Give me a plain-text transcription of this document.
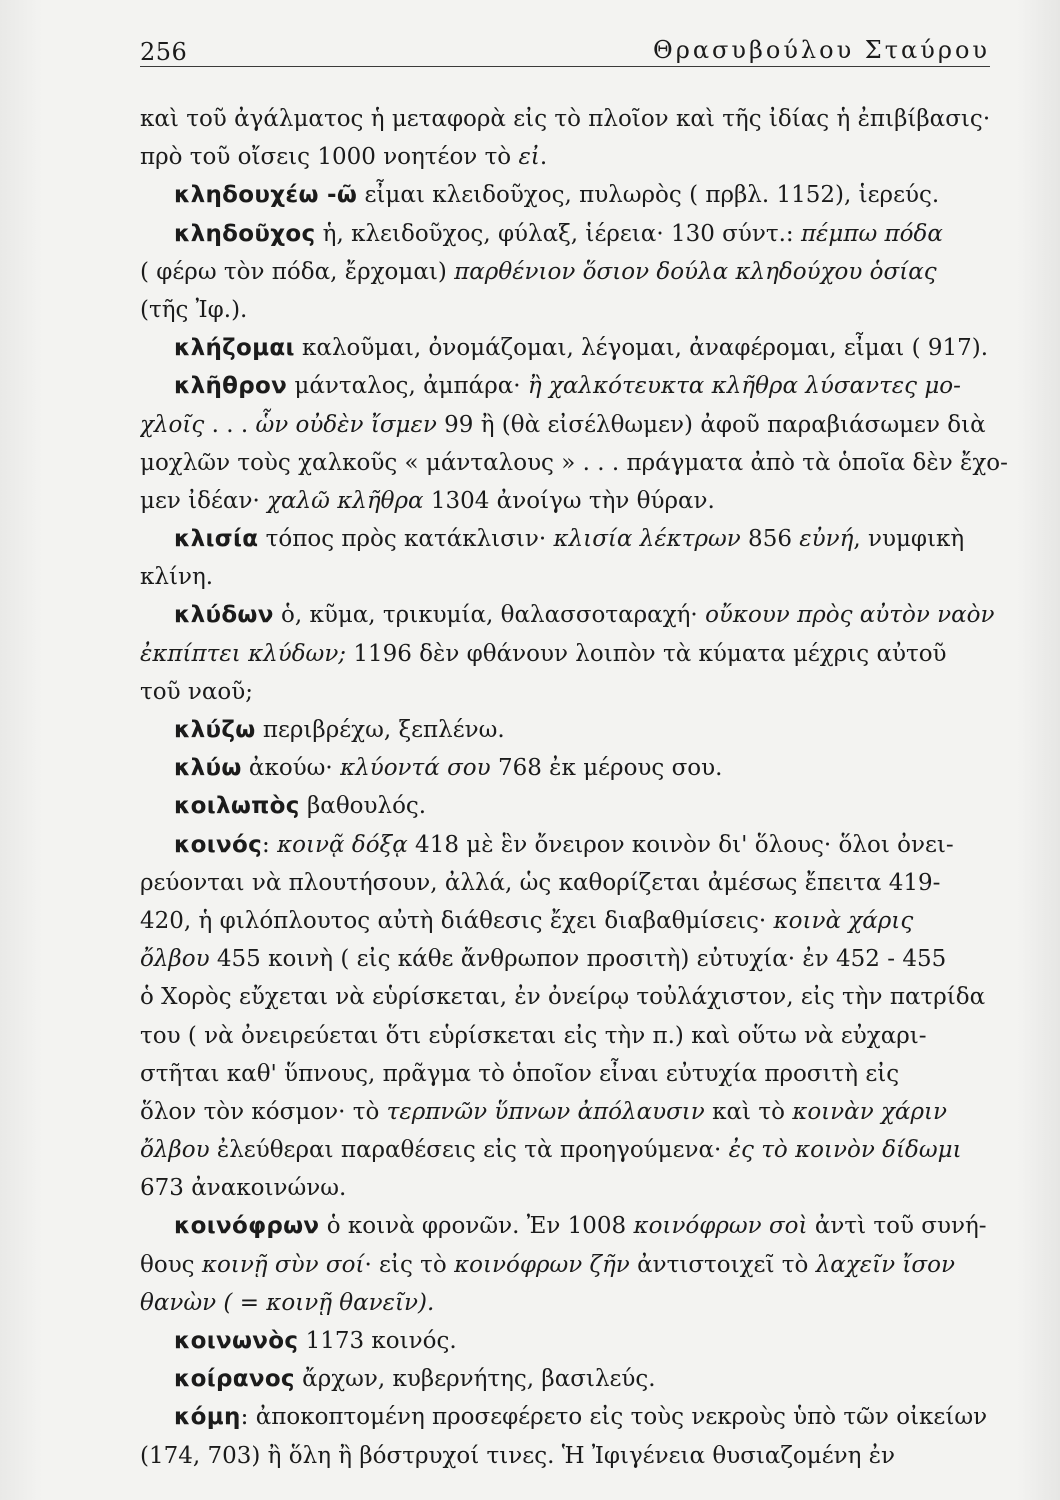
256	Θρασυβούλου Σταύρου
καὶ τοῦ ἀγάλματος ἡ μεταφορὰ εἰς τὸ πλοῖον καὶ τῆς ἰδίας ἡ ἐπιβίβασις·
πρὸ τοῦ οἴσεις 1000 νοητέον τὸ εἰ.
κληδουχέω -ῶ εἶμαι κλειδοῦχος, πυλωρὸς ( πρβλ. 1152), ἱερεύς.
κληδοῦχος ἡ, κλειδοῦχος, φύλαξ, ἱέρεια· 130 σύντ.: πέμπω πόδα
( φέρω τὸν πόδα, ἔρχομαι) παρθένιον ὅσιον δούλα κληδούχου ὁσίας
(τῆς Ἰφ.).
κλήζομαι καλοῦμαι, ὀνομάζομαι, λέγομαι, ἀναφέρομαι, εἶμαι ( 917).
κλῆθρον μάνταλος, ἀμπάρα· ἢ χαλκότευκτα κλῆθρα λύσαντες μο-
χλοῖς . . . ὧν οὐδὲν ἴσμεν 99 ἢ (θὰ εἰσέλθωμεν) ἀφοῦ παραβιάσωμεν διὰ
μοχλῶν τοὺς χαλκοῦς « μάνταλους » . . . πράγματα ἀπὸ τὰ ὁποῖα δὲν ἔχο-
μεν ἰδέαν· χαλῶ κλῆθρα 1304 ἀνοίγω τὴν θύραν.
κλισία τόπος πρὸς κατάκλισιν· κλισία λέκτρων 856 εὐνή, νυμφικὴ
κλίνη.
κλύδων ὁ, κῦμα, τρικυμία, θαλασσοταραχή· οὔκουν πρὸς αὐτὸν ναὸν
ἐκπίπτει κλύδων; 1196 δὲν φθάνουν λοιπὸν τὰ κύματα μέχρις αὐτοῦ
τοῦ ναοῦ;
κλύζω περιβρέχω, ξεπλένω.
κλύω ἀκούω· κλύοντά σου 768 ἐκ μέρους σου.
κοιλωπὸς βαθουλός.
κοινός: κοινᾷ δόξᾳ 418 μὲ ἓν ὄνειρον κοινὸν δι' ὅλους· ὅλοι ὀνει-
ρεύονται νὰ πλουτήσουν, ἀλλά, ὡς καθορίζεται ἀμέσως ἔπειτα 419-
420, ἡ φιλόπλουτος αὐτὴ διάθεσις ἔχει διαβαθμίσεις· κοινὰ χάρις
ὄλβου 455 κοινὴ ( εἰς κάθε ἄνθρωπον προσιτὴ) εὐτυχία· ἐν 452 - 455
ὁ Χορὸς εὔχεται νὰ εὑρίσκεται, ἐν ὀνείρῳ τοὐλάχιστον, εἰς τὴν πατρίδα
του ( νὰ ὀνειρεύεται ὅτι εὑρίσκεται εἰς τὴν π.) καὶ οὕτω νὰ εὐχαρι-
στῆται καθ' ὕπνους, πρᾶγμα τὸ ὁποῖον εἶναι εὐτυχία προσιτὴ εἰς
ὅλον τὸν κόσμον· τὸ τερπνῶν ὕπνων ἀπόλαυσιν καὶ τὸ κοινὰν χάριν
ὄλβου ἐλεύθεραι παραθέσεις εἰς τὰ προηγούμενα· ἐς τὸ κοινὸν δίδωμι
673 ἀνακοινώνω.
κοινόφρων ὁ κοινὰ φρονῶν. Ἐν 1008 κοινόφρων σοὶ ἀντὶ τοῦ συνή-
θους κοινῇ σὺν σοί· εἰς τὸ κοινόφρων ζῆν ἀντιστοιχεῖ τὸ λαχεῖν ἴσον
θανὼν ( = κοινῇ θανεῖν).
κοινωνὸς 1173 κοινός.
κοίρανος ἄρχων, κυβερνήτης, βασιλεύς.
κόμη: ἀποκοπτομένη προσεφέρετο εἰς τοὺς νεκροὺς ὑπὸ τῶν οἰκείων
(174, 703) ἢ ὅλη ἢ βόστρυχοί τινες. Ἡ Ἰφιγένεια θυσιαζομένη ἐν
